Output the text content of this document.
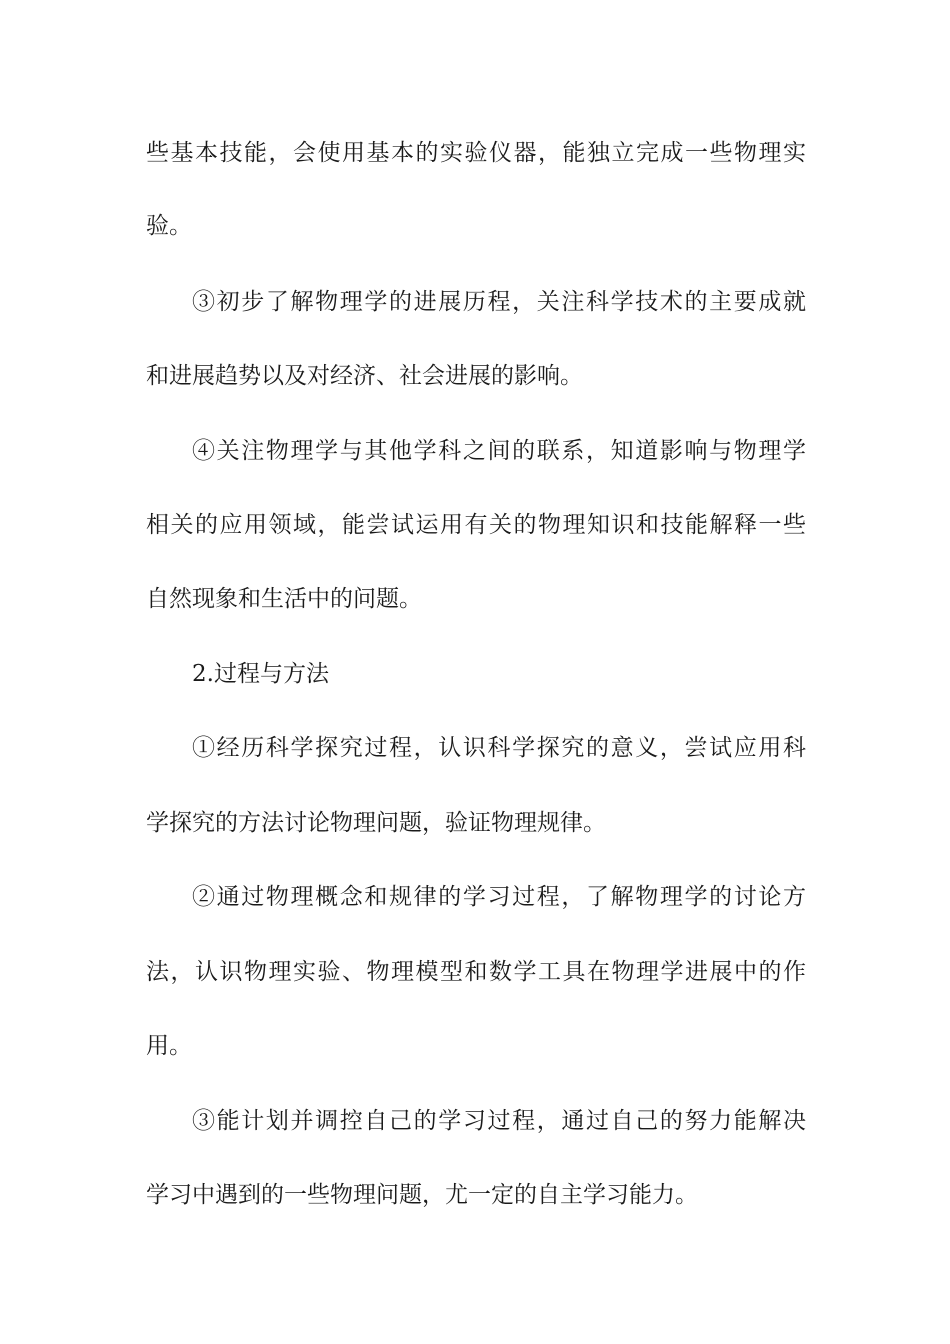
些基本技能，会使用基本的实验仪器，能独立完成一些物理实
验。
③初步了解物理学的进展历程，关注科学技术的主要成就
和进展趋势以及对经济、社会进展的影响。
④关注物理学与其他学科之间的联系，知道影响与物理学
相关的应用领域，能尝试运用有关的物理知识和技能解释一些
自然现象和生活中的问题。
2.过程与方法
①经历科学探究过程，认识科学探究的意义，尝试应用科
学探究的方法讨论物理问题，验证物理规律。
②通过物理概念和规律的学习过程，了解物理学的讨论方
法，认识物理实验、物理模型和数学工具在物理学进展中的作
用。
③能计划并调控自己的学习过程，通过自己的努力能解决
学习中遇到的一些物理问题，尤一定的自主学习能力。
